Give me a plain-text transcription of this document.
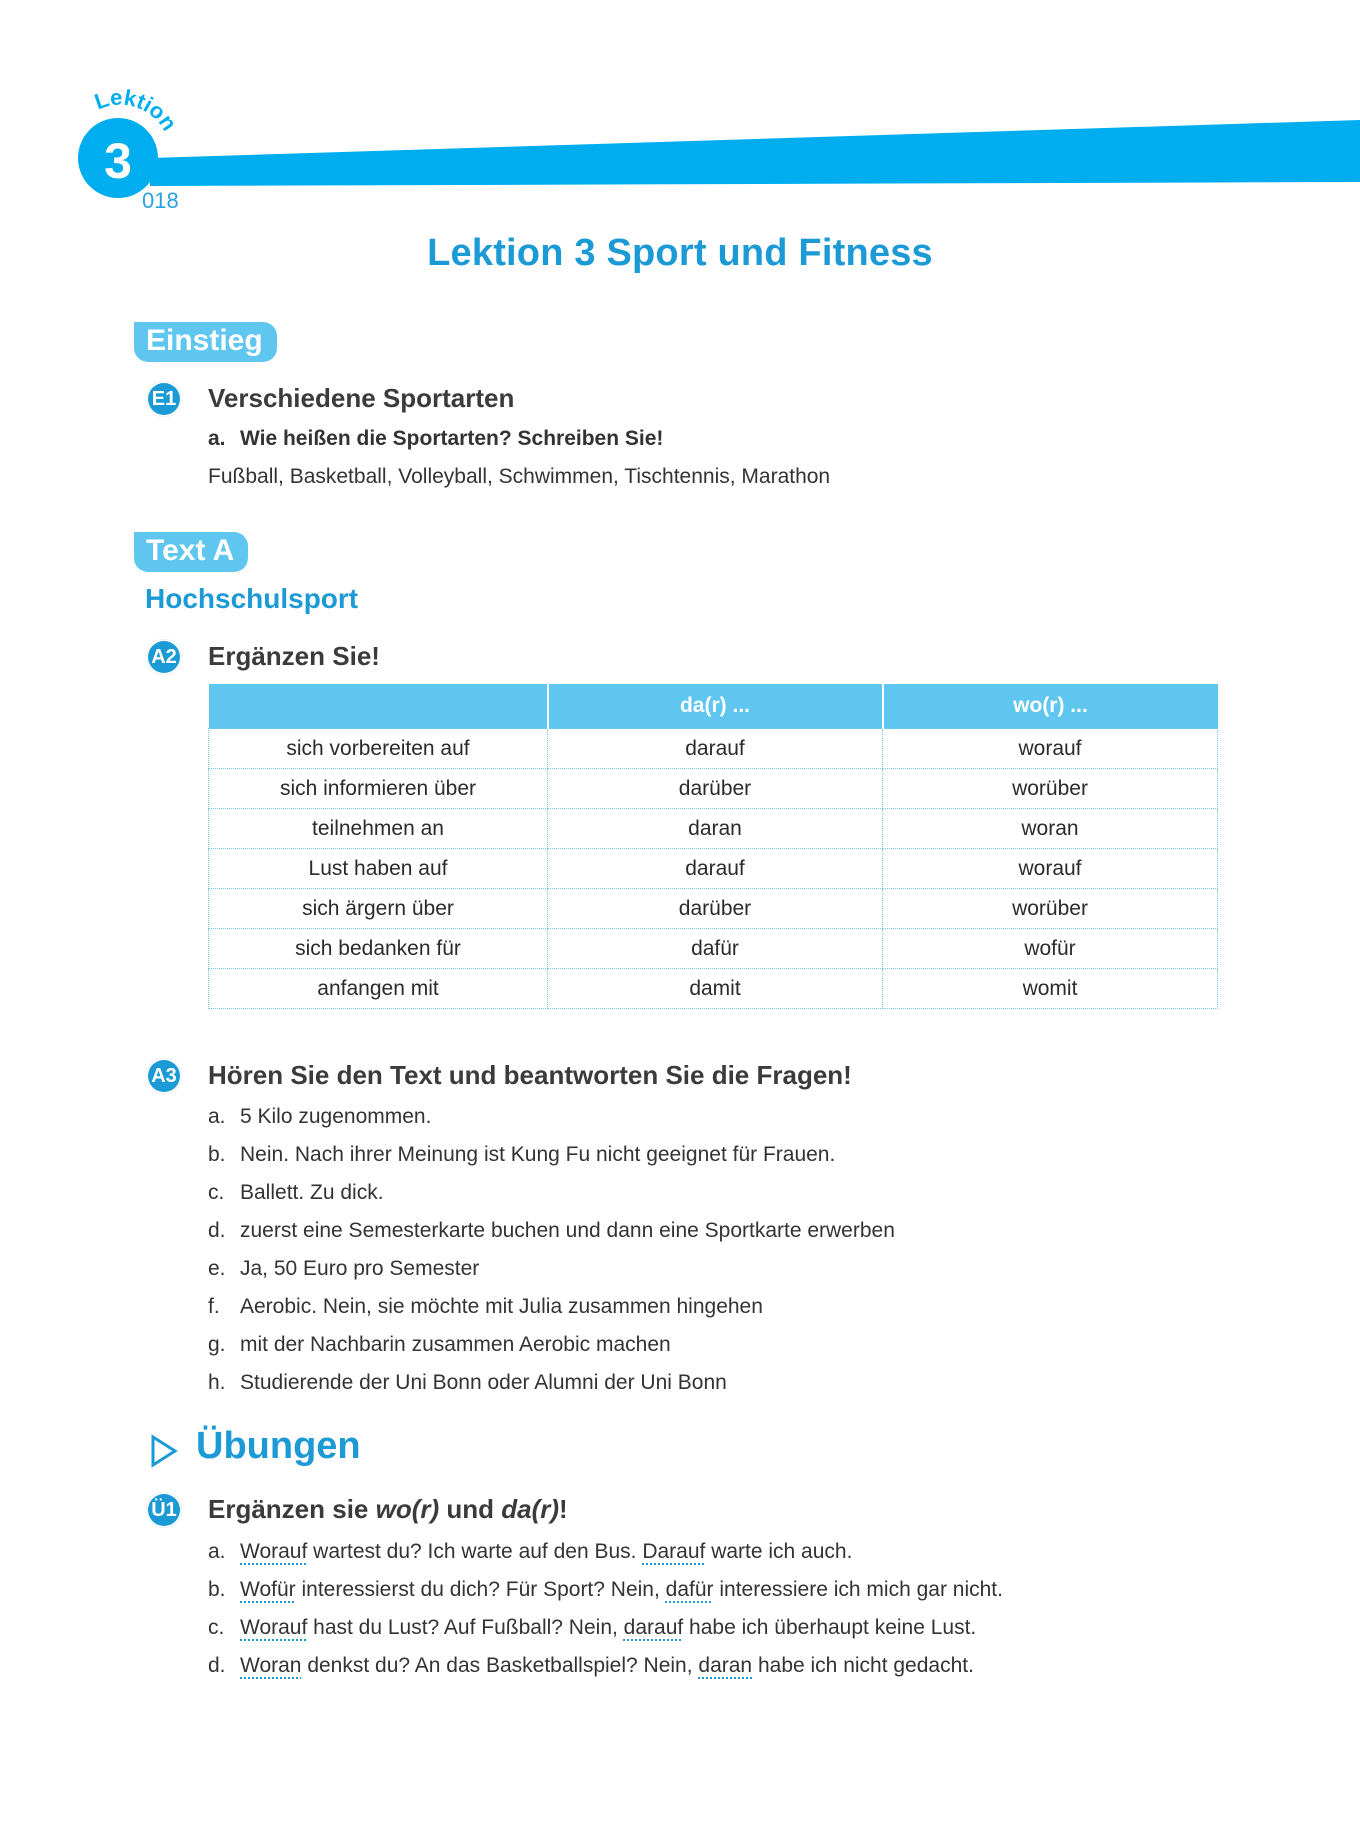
Lektion
3
018
Lektion 3 Sport und Fitness
Einstieg
E1 Verschiedene Sportarten
a. Wie heißen die Sportarten? Schreiben Sie!
Fußball, Basketball, Volleyball, Schwimmen, Tischtennis, Marathon
Text A
Hochschulsport
A2 Ergänzen Sie!
	da(r) ...	wo(r) ...
sich vorbereiten auf	darauf	worauf
sich informieren über	darüber	worüber
teilnehmen an	daran	woran
Lust haben auf	darauf	worauf
sich ärgern über	darüber	worüber
sich bedanken für	dafür	wofür
anfangen mit	damit	womit
A3 Hören Sie den Text und beantworten Sie die Fragen!
a. 5 Kilo zugenommen.
b. Nein. Nach ihrer Meinung ist Kung Fu nicht geeignet für Frauen.
c. Ballett. Zu dick.
d. zuerst eine Semesterkarte buchen und dann eine Sportkarte erwerben
e. Ja, 50 Euro pro Semester
f. Aerobic. Nein, sie möchte mit Julia zusammen hingehen
g. mit der Nachbarin zusammen Aerobic machen
h. Studierende der Uni Bonn oder Alumni der Uni Bonn
Übungen
Ü1 Ergänzen sie wo(r) und da(r)!
a. Worauf wartest du? Ich warte auf den Bus. Darauf warte ich auch.
b. Wofür interessierst du dich? Für Sport? Nein, dafür interessiere ich mich gar nicht.
c. Worauf hast du Lust? Auf Fußball? Nein, darauf habe ich überhaupt keine Lust.
d. Woran denkst du? An das Basketballspiel? Nein, daran habe ich nicht gedacht.
